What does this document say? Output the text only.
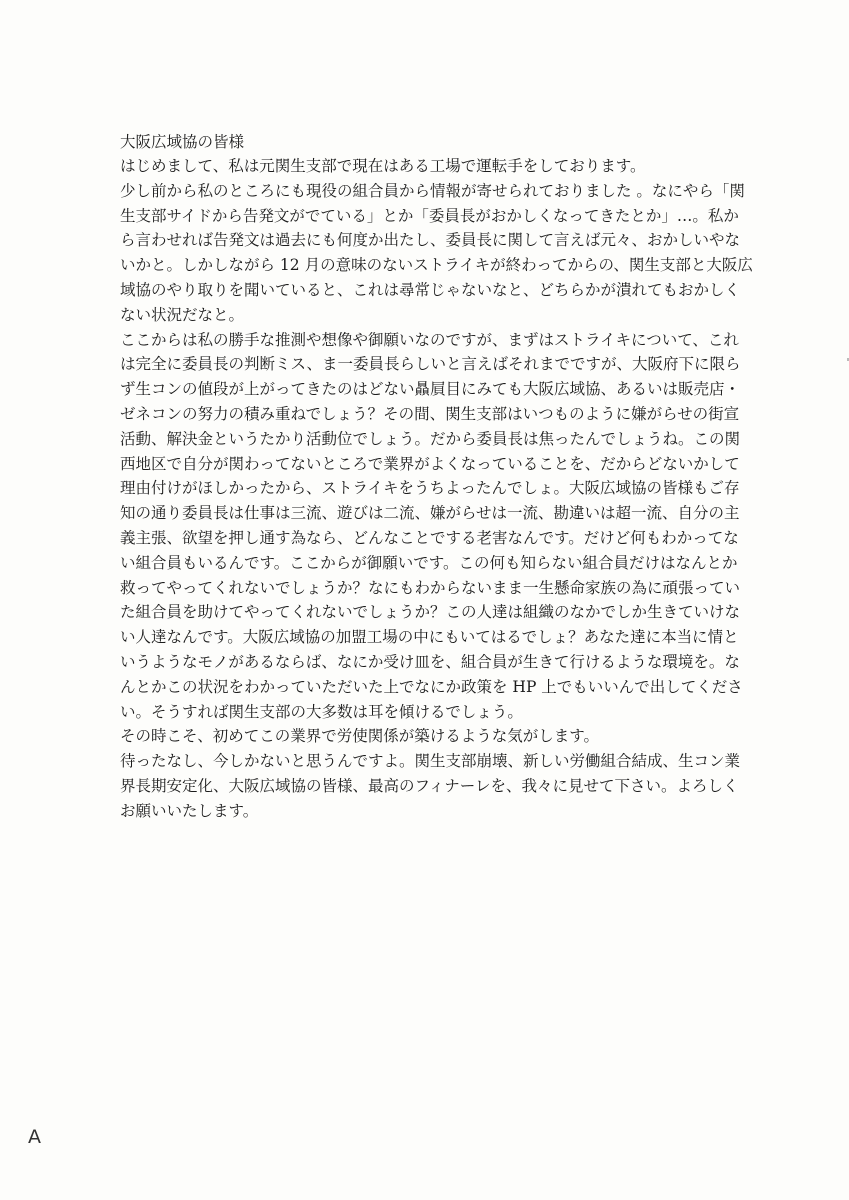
大阪広域協の皆様

はじめまして、私は元関生支部で現在はある工場で運転手をしております。

少し前から私のところにも現役の組合員から情報が寄せられておりました 。なにやら「関
生支部サイドから告発文がでている」とか「委員長がおかしくなってきたとか」…。私か
ら言わせれば告発文は過去にも何度か出たし、委員長に関して言えば元々、おかしいやな
いかと。しかしながら 12 月の意味のないストライキが終わってからの、関生支部と大阪広
域協のやり取りを聞いていると、これは尋常じゃないなと、どちらかが潰れてもおかしく
ない状況だなと。

ここからは私の勝手な推測や想像や御願いなのですが、まずはストライキについて、これ
は完全に委員長の判断ミス、ま一委員長らしいと言えばそれまでですが、大阪府下に限ら
ず生コンの値段が上がってきたのはどない贔屓目にみても大阪広域協、あるいは販売店・
ゼネコンの努力の積み重ねでしょう？その間、関生支部はいつものように嫌がらせの街宣
活動、解決金というたかり活動位でしょう。だから委員長は焦ったんでしょうね。この関
西地区で自分が関わってないところで業界がよくなっていることを、だからどないかして
理由付けがほしかったから、ストライキをうちよったんでしょ。大阪広域協の皆様もご存
知の通り委員長は仕事は三流、遊びは二流、嫌がらせは一流、勘違いは超一流、自分の主
義主張、欲望を押し通す為なら、どんなことでする老害なんです。だけど何もわかってな
い組合員もいるんです。ここからが御願いです。この何も知らない組合員だけはなんとか
救ってやってくれないでしょうか？なにもわからないまま一生懸命家族の為に頑張ってい
た組合員を助けてやってくれないでしょうか？この人達は組織のなかでしか生きていけな
い人達なんです。大阪広域協の加盟工場の中にもいてはるでしょ？あなた達に本当に情と
いうようなモノがあるならば、なにか受け皿を、組合員が生きて行けるような環境を。な
んとかこの状況をわかっていただいた上でなにか政策を HP 上でもいいんで出してくださ
い。そうすれば関生支部の大多数は耳を傾けるでしょう。

その時こそ、初めてこの業界で労使関係が築けるような気がします。

待ったなし、今しかないと思うんですよ。関生支部崩壊、新しい労働組合結成、生コン業
界長期安定化、大阪広域協の皆様、最高のフィナーレを、我々に見せて下さい。よろしく
お願いいたします。

A
